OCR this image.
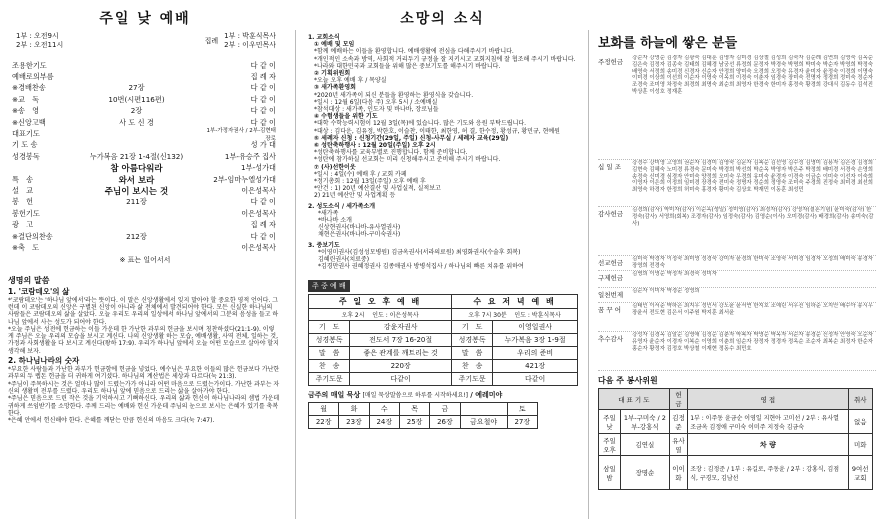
주일 낮 예배
1부 : 오전9시
2부 : 오전11시
집례
1부 : 박훈식목사
2부 : 이우민목사
조용한기도	다 같 이
예배로의부름	집 례 자
※경배찬송	27장	다 같 이
※교　독	10번(시편116편)	다 같 이
※송　영	2장	다 같 이
※신앙고백	사 도 신 경	다 같 이
대표기도	1부-가정자권사 / 2부-김현태장로
기 도 송	성 가 대
성경봉독	누가복음 21장 1-4절(신132)	1부-유승주 집사
참 아름다워라	1부-성가대
특　송	와서 보라	2부-임마누엘성가대
설　교	주님이 보시는 것	이은성목사
봉　헌	211장	다 같 이
봉헌기도	이은성목사
광　고	집 례 자
※결단의찬송	212장	다 같 이
※축　도	이은성목사
※ 표는 일어서서
생명의 말씀
1. '코람데오'의 삶
*'코람데오'는 '하나님 앞에서'라는 뜻이다. 이 말은 신앙생활에서 잊지 말아야 할 중요한 영적 언어다. 그런데 이 코람데오의 신앙은 구별된 신앙이 아니라 삶 전체에서 발견되어야 한다. 모든 신실한 하나님의 사람들은 코람데오의 삶을 살았다. 오늘 우리도 우리의 일상에서 하나님 앞에서의 그분의 음성을 들고 하나님 앞에서 사는 성도가 되어야 한다.
*오늘 주님은 성전에 헌금하는 이들 가운데 한 가난한 과부의 헌금을 보시며 칭찬하셨다(21:1-9). 이렇게 주님은 오늘 우리의 모습을 보시고 계신다. 나의 신앙생활 하는 모습, 예배생활, 사역 전체, 일하는 것, 가정과 사회생활을 다 보시고 계신다(왕하 17:9). 우리가 하나님 앞에서 오늘 어떤 모습으로 살아야 할지 생각해 보자.
2. 하나님나라의 숫자
*부요한 사람들과 가난한 과부가 헌금함에 헌금을 넣었다. 예수님은 부요한 이들의 많은 헌금보다 가난한 과부의 두 렙돈 헌금을 더 귀하게 여기셨다. 하나님의 계산법은 세상과 다르다(눅 21:3).
*주님이 주목하시는 것은 얼마나 많이 드렸는가가 아니라 어떤 마음으로 드렸는가이다. 가난한 과부는 자신의 생활비 전부를 드렸다. 우리도 하나님 앞에 믿음으로 드리는 삶을 살아가야 한다.
*주님은 믿음으로 드린 작은 것을 기억하시고 기뻐하신다. 우리의 삶과 헌신이 하나님나라의 셈법 가운데 귀하게 쓰임받기를 소망한다. 주께 드리는 예배와 헌신 가운데 주님의 눈으로 보시는 은혜가 있기를 축복한다.
*은혜 안에서 헌신해야 한다. 은혜를 깨닫는 만큼 헌신의 마음도 크다(눅 7:47).
소망의 소식
1. 교회소식
① 예배 및 모임
*함께 예배하는 이들을 환영합니다. 예배생활에 전심을 다해주시기 바랍니다.
*개인적인 소속과 방역, 사회적 거리두기 규정을 잘 지키시고 교회지침에 잘 협조해 주시기 바랍니다.
*나라와 대한민국과 교회들을 위해 많은 중보기도를 해주시기 바랍니다.
② 기획위원회
*오늘 오후 예배 후 / 목양실
③ 새가족환영회
*2020년 새가족이 되신 분들을 환영하는 환영식을 갖습니다.
*일시 : 12월 6일(다음 주) 오후 5시 / 소예배실
*참석대상 : 새가족, 인도자 및 바나바, 장로님들
④ 수험생들을 위한 기도
*대학 수학능력시험이 12월 3일(목)에 있습니다. 많은 기도와 응원 부탁드립니다.
*대상 : 김다운, 김유정, 박한호, 이슬찬, 이태한, 최한영, 허 결, 한수정, 황성규, 황민규, 현예원
⑤ 세례자 신청 : 신청기간(29일, 주일) 신청-사무실 / 세례자 교육(29일)
⑥ 성탄축하행사 : 12월 20일(주일) 오후 2시
*성탄축하행사를 교육부별로 진행합니다. 함께 준비합니다.
*성탄에 참가하실 선교회는 미리 신청해주시고 준비해 주시기 바랍니다.
⑦ (사)선한이웃
*일시 : 4일(수) 예배 후 / 교회 카페
*정기총회 : 12월 13일(주일) 오후 예배 후
*안건 : 1) 20년 예산결산 및 사업실적, 실적보고
2) 21년 예산안 및 사업계획 등
2. 성도소식 / 세가족소개
*새가족
*바나바 소개
신상현권사(바나바-유사열권사)
채현은권사(바나바-구미숙권사)
3. 중보기도
*이영미권사(김성성모병원) 김금옥권사(서라의료원) 최영화권사(수술후 회복)
김혜린권사(치료중)
*김경만권사 권혜정권사 김종애권사 방병석집사 / 하나님의 빠른 치유를 위하여
주 중 예 배
주 일 오 후 예 배		수 요 저 녁 예 배	
오후 2시 인도 : 이은성목사		오후 7시 30분 인도 : 박훈식목사	
기　도	강윤자권사	기　도	이영일권사
성경봉독	전도서 7장 16-20절	성경봉독	누가복음 3장 1-9절
말　씀	좋은 관계를 깨트리는 것	말　씀	우리의 준비
찬　송	220장	찬　송	421장
주기도문	다같이	주기도문	다같이
금주의 매일 묵상 [매일 묵상말씀으로 하루를 시작하세요!] / 예레미야
월	화	수	목	금		토
22장	23장	24장	25장	26장	금요철야	27장
보화를 하늘에 쌓은 분들
주정헌금	강순자 강영순 김경자 김광숙 김대훈 김명자 김미경 김상철 김성희 김숙자 김순례 김연희 김영숙 김옥순 김은숙 김정자 김종숙 김태희 김혜경 남궁선 류정희 문정자 박경숙 박명희 박미숙 박순자 박영희 박정숙 배영숙 서정희 송미경 신경자 신순자 안정희 양미숙 오경희 오정숙 유경자 윤미자 윤정숙 이경희 이명숙 이미경 이상희 이선희 이순자 이영숙 이옥희 이정숙 이춘자 임경숙 장미숙 전명자 정경희 정미숙 정순자 조경숙 조미영 차정숙 최경희 최명숙 최순희 최영자 한경숙 한미자 홍정숙 황경희 강대식 김동수 김석진 박상훈 이성호 정재훈
십 일 조	강경수 강미영 고영희 권순자 김경미 김명숙 김문자 김복순 김선영 김수정 김영미 김용자 김은경 김정희 김현숙 김혜숙 노미경 류경숙 문미숙 박경희 박선희 박순옥 박영자 박은주 박정희 배미경 서경숙 손영희 송정숙 신미경 심경자 안미숙 양정희 오미숙 우경희 유미숙 윤경자 이경숙 이금순 이미숙 이선자 이숙희 이영자 이은희 이정희 임미경 장경숙 전미숙 정명자 정순희 정영숙 조미숙 주경희 진정숙 최미경 최선희 최영숙 하경자 한정희 허미숙 홍경자 황미숙 김상호 박재민 이동훈 최성민
감사헌금	김경희(감사) 박미자(감사) 이순옥(생일) 정미영(감사) 최경자(감사) 강영자(결혼기념) 윤미숙(감사) 한정숙(감사) 서영희(회복) 조경자(감사) 임정숙(감사) 김영순(이사) 오미경(감사) 배경희(감사) 송미숙(감사)
선교헌금	김미숙 박경자 이정숙 최미영 정경숙 강미자 윤경희 한미숙 조영숙 서미경 임경자 오정희 배미숙 송경자 장영희 전경숙
구제헌금	김명희 이영순 박정자 최경숙 정미자
일천번제	김순자 이미자 박경순 정영희
꿈 꾸 어	김태민 이서준 박하은 최지우 정민서 강도윤 윤서연 한지호 조예린 서우진 임하준 오지안 배수아 송시우 장윤서 전도현 김은서 이주원 박지훈 최서윤
추수감사	강성자 김경옥 김말순 김영애 김정순 김춘자 박복자 박영순 박옥자 서순자 송경순 신정자 안영숙 오순자 유영자 윤순자 이경자 이복순 이영희 이춘희 임순자 장정자 정경자 정옥순 조순자 최복순 최정자 한순자 홍순자 황정자 김정호 박상철 이재현 정동수 최민호
다음 주 봉사위원
대 표 기 도		헌 금	영 접	취사
주일 낮	1부-구미숙 / 2부-강홍식	김정준	1부 : 이주동 윤금순 이영일 지현아 고미선 / 2부 : 유사열 조금옥 김정애 구미숙 이미주 지정숙 김금숙	없음
주일오후	김연실	유사열	차 량	미화
삼일 밤	장명순	이이화	조장 : 김정준 / 1부 : 유길로, 주동윤 / 2부 : 강홍식, 김점식, 구경모, 김남선	9여선교회
